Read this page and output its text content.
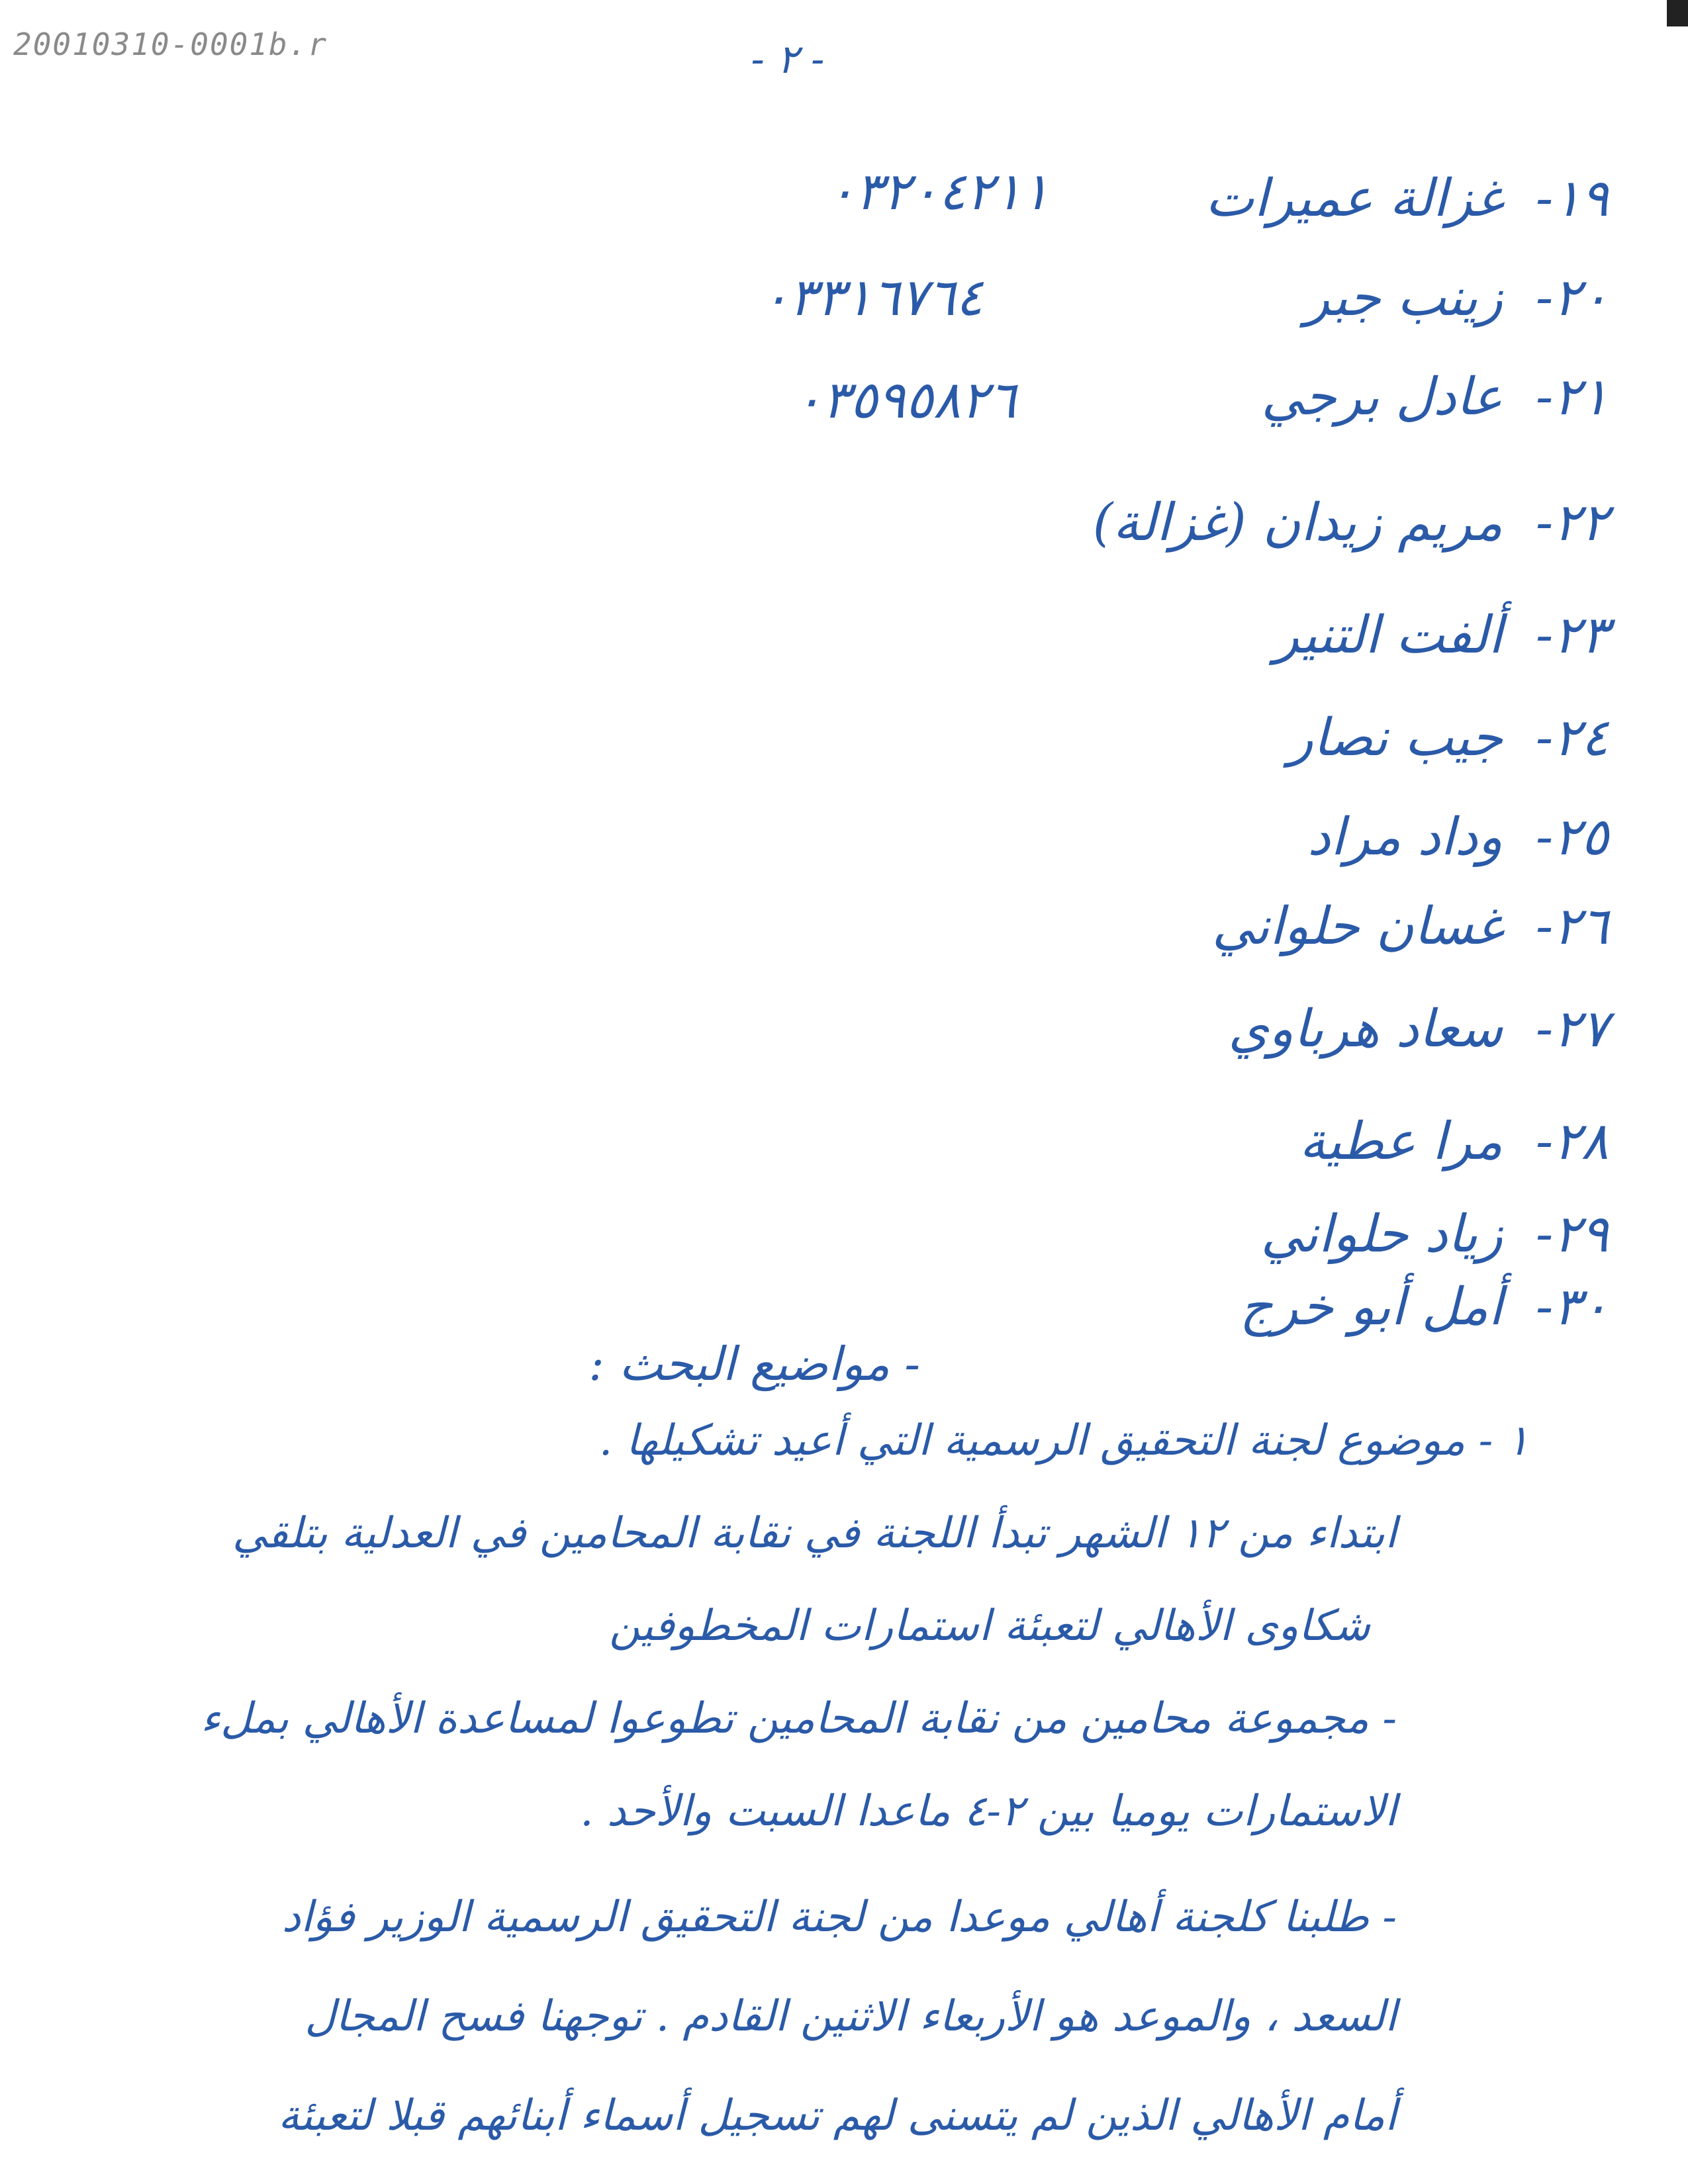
20010310-0001b.r	- ٢ -
١٩-
غزالة عميرات
٠٣٢٠٤٢١١
٢٠-
زينب جبر
٠٣٣١٦٧٦٤
٢١-
عادل برجي
٠٣٥٩٥٨٢٦
٢٢-
مريم زيدان (غزالة)
٢٣-
ألفت التنير
٢٤-
جيب نصار
٢٥-
وداد مراد
٢٦-
غسان حلواني
٢٧-
سعاد هرباوي
٢٨-
مرا عطية
٢٩-
زياد حلواني
٣٠-
أمل أبو خرج
- مواضيع البحث :
١ - موضوع لجنة التحقيق الرسمية التي أعيد تشكيلها .
ابتداء من ١٢ الشهر تبدأ اللجنة في نقابة المحامين في العدلية بتلقي
شكاوى الأهالي لتعبئة استمارات المخطوفين
- مجموعة محامين من نقابة المحامين تطوعوا لمساعدة الأهالي بملء
الاستمارات يوميا بين ٢-٤ ماعدا السبت والأحد .
- طلبنا كلجنة أهالي موعدا من لجنة التحقيق الرسمية الوزير فؤاد
السعد ، والموعد هو الأربعاء الاثنين القادم . توجهنا فسح المجال
أمام الأهالي الذين لم يتسنى لهم تسجيل أسماء أبنائهم قبلا لتعبئة
